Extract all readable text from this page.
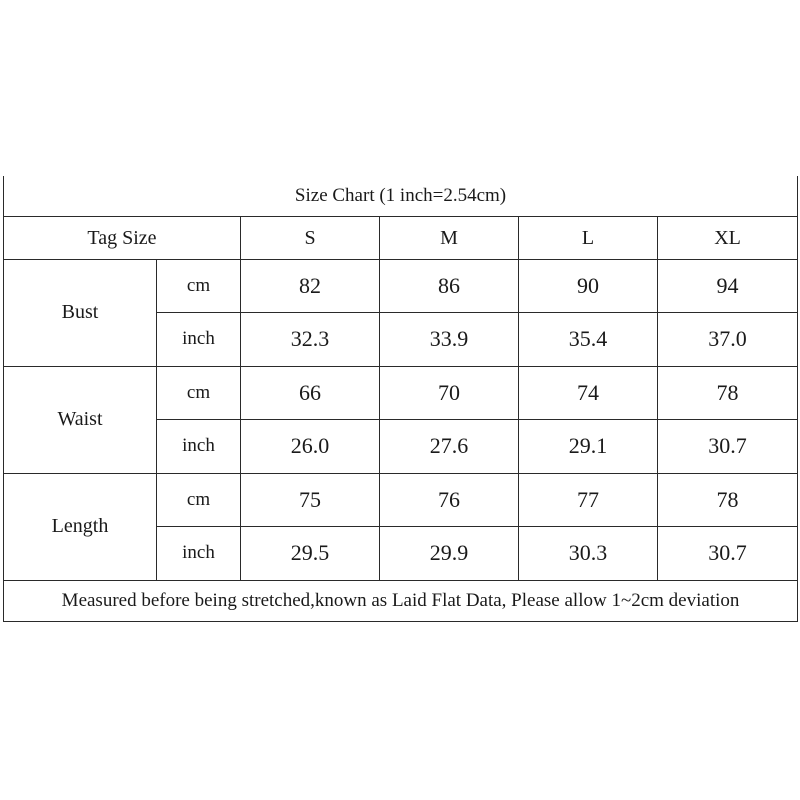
Size Chart (1 inch=2.54cm)					
Tag Size		S	M	L	XL
Bust	cm	82	86	90	94
	inch	32.3	33.9	35.4	37.0
Waist	cm	66	70	74	78
	inch	26.0	27.6	29.1	30.7
Length	cm	75	76	77	78
	inch	29.5	29.9	30.3	30.7
Measured before being stretched,known as Laid Flat Data, Please allow 1~2cm deviation					
